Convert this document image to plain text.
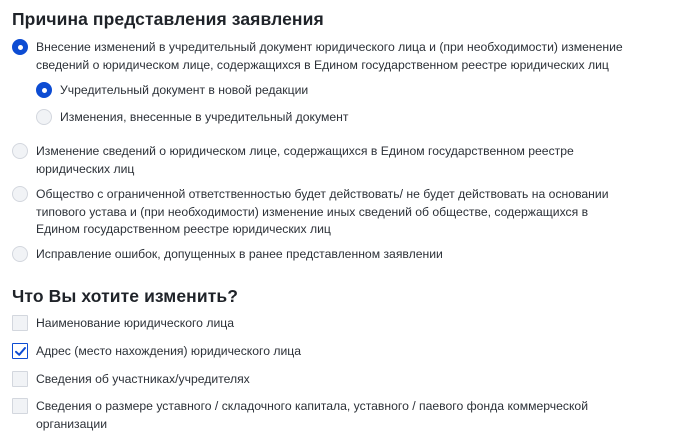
Причина представления заявления
Внесение изменений в учредительный документ юридического лица и (при необходимости) изменение сведений о юридическом лице, содержащихся в Едином государственном реестре юридических лиц
Учредительный документ в новой редакции
Изменения, внесенные в учредительный документ
Изменение сведений о юридическом лице, содержащихся в Едином государственном реестре юридических лиц
Общество с ограниченной ответственностью будет действовать/ не будет действовать на основании типового устава и (при необходимости) изменение иных сведений об обществе, содержащихся в Едином государственном реестре юридических лиц
Исправление ошибок, допущенных в ранее представленном заявлении
Что Вы хотите изменить?
Наименование юридического лица
Адрес (место нахождения) юридического лица
Сведения об участниках/учредителях
Сведения о размере уставного / складочного капитала, уставного / паевого фонда коммерческой организации
